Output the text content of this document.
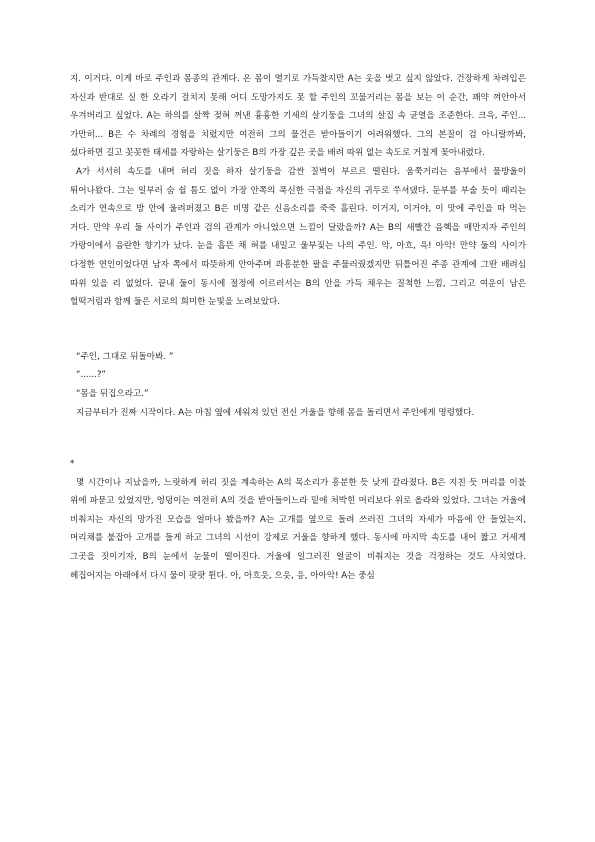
지. 이거다. 이게 바로 주인과 몸종의 관계다. 온 몸이 열기로 가득찼지만 A는 옷을 벗고 싶지 않았다. 건장하게 차려입은 자신과 반대로 실 한 오라기 걸치지 못해 어디 도망가지도 못 할 주인의 꼬물거리는 몸을 보는 이 순간, 꽤약 껴안아서 우겨버리고 싶었다. A는 하의를 살짝 젖혀 꺼낸 흉흉한 기세의 살기둥을 그녀의 살집 속 균열을 조준한다. 크윽, 주인... 가만히... B은 수 차례의 경험을 치렀지만 여전히 그의 물건은 받아들이기 어려워했다. 그의 본질이 검 아니랄까봐, 섰다하면 길고 꼿꼿한 태세를 자랑하는 살기둥은 B의 가장 깊은 곳을 배려 따위 없는 속도로 거칠게 꽂아내렸다.

A가 서서히 속도를 내며 허리 짓을 하자 살기둥을 감싼 질벽이 부르르 떨린다. 움쭉거리는 음부에서 물방울이 튀어나왔다. 그는 일부러 숨 쉴 틈도 없이 가장 안쪽의 푹신한 극점을 자신의 귀두로 쑤셔댔다. 둔부를 부술 듯이 때리는 소리가 연속으로 방 안에 울려퍼졌고 B은 비명 같은 신음소리를 죽죽 흘린다. 이거지, 이거야, 이 맛에 주인을 따 먹는 거다. 만약 우리 둘 사이가 주인과 검의 관계가 아니었으면 느낌이 달랐을까? A는 B의 새빨간 음핵을 매만지자 주인의 가랑이에서 음란한 향기가 났다. 눈을 흡뜬 채 혀를 내밀고 울부짖는 나의 주인. 악, 아흐, 윽! 아악! 만약 둘의 사이가 다정한 연인이었다면 남자 쪽에서 따뜻하게 안아주며 과흥분한 팔을 주물러줬겠지만 뒤틀어진 주종 관계에 그딴 배려심 따위 있을 리 없었다. 끝내 둘이 동시에 절정에 이르러서는 B의 안을 가득 채우는 질척한 느낌, 그리고 여운이 남은 헐떡거림과 함께 둘은 서로의 희미한 눈빛을 노려보았다.

“주인, 그대로 뒤돌아봐. ”

“......?”

“몸을 뒤집으라고.”

지금부터가 진짜 시작이다. A는 마침 옆에 세워져 있던 전신 거울을 향해 몸을 돌리면서 주인에게 명령했다.

*

몇 시간이나 지났을까, 느릿하게 허리 짓을 계속하는 A의 목소리가 흥분한 듯 낮게 갈라졌다. B은 지친 듯 머리를 이불 위에 파묻고 있었지만, 엉덩이는 여전히 A의 것을 받아들이느라 밑에 처박힌 머리보다 위로 올라와 있었다. 그녀는 거울에 비춰지는 자신의 망가진 모습을 얼마나 봤을까? A는 고개를 옆으로 돌려 쓰러진 그녀의 자세가 마음에 안 들었는지, 머리채를 붙잡아 고개를 들게 하고 그녀의 시선이 강제로 거울을 향하게 했다. 동시에 마지막 속도를 내어 짧고 거세게 그곳을 짓이기자, B의 눈에서 눈물이 떨어진다. 거울에 일그러진 얼굴이 비춰지는 것을 걱정하는 것도 사치였다. 헤집어지는 아래에서 다시 물이 팟팟 튄다. 아, 아흐읏, 으읏, 응, 아아악! A는 중심
